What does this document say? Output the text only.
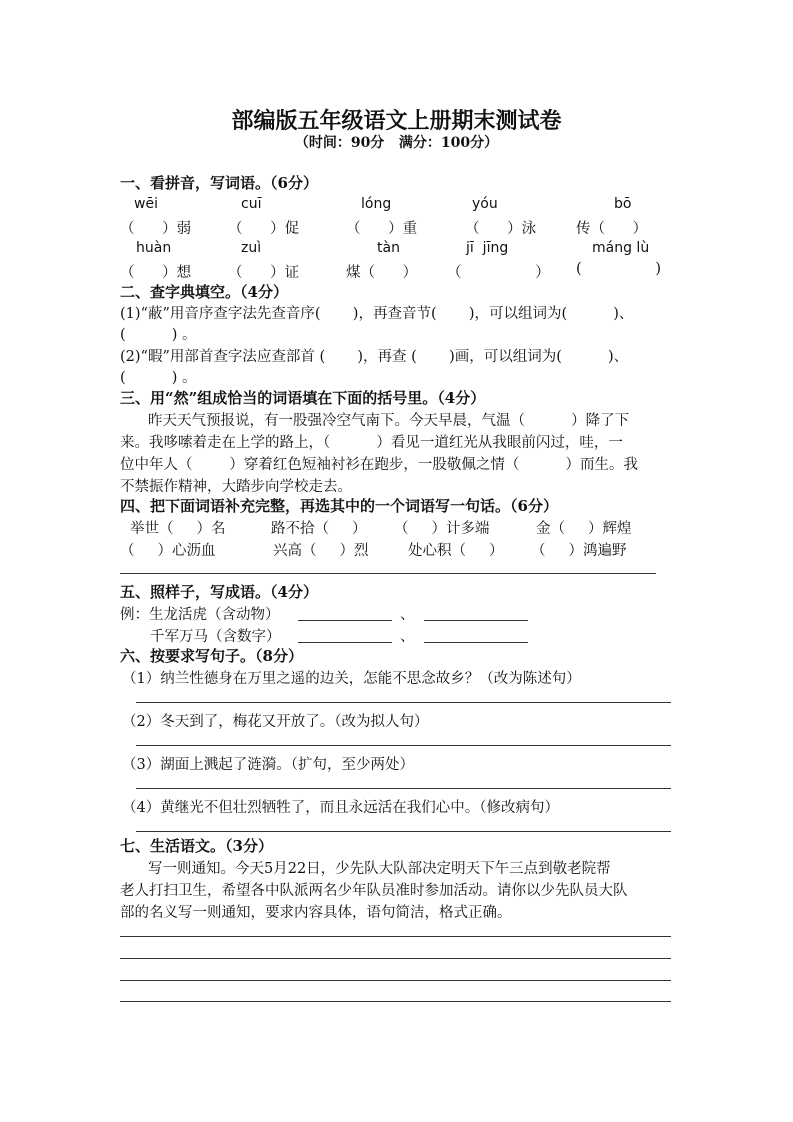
部编版五年级语文上册期末测试卷
（时间：90分   满分：100分）
一、看拼音，写词语。（6分）
wēi	cuī	lóng	yóu	bō
（      ）弱	（      ）促	（      ）重	（      ）泳	传（      ）
huàn	zuì	tàn	jī  jīng	máng lù
（      ）想	（      ）证	煤（      ） （                ） (                )
二、查字典填空。（4分）
(1)“蔽”用音序查字法先查音序(       )，再查音节(       )，可以组词为(          )、
(          ) 。
(2)“暇”用部首查字法应查部首 (       )，再查 (       )画，可以组词为(          )、
(          ) 。
三、用“然”组成恰当的词语填在下面的括号里。（4分）
昨天天气预报说，有一股强冷空气南下。今天早晨，气温（          ）降了下
来。我哆嗦着走在上学的路上，（          ）看见一道红光从我眼前闪过，哇，一
位中年人（        ）穿着红色短袖衬衫在跑步，一股敬佩之情（          ）而生。我
不禁振作精神，大踏步向学校走去。
四、把下面词语补充完整，再选其中的一个词语写一句话。（6分）
举世（     ）名	路不拾（     ） （     ）计多端	金（     ）辉煌
（     ）心沥血	兴高（     ）烈	处心积（     ） （     ）鸿遍野
五、照样子，写成语。（4分）
例：生龙活虎（含动物）	、
千军万马（含数字）	、
六、按要求写句子。（8分）
（1）纳兰性德身在万里之遥的边关，怎能不思念故乡？（改为陈述句）
（2）冬天到了，梅花又开放了。（改为拟人句）
（3）湖面上溅起了涟漪。（扩句，至少两处）
（4）黄继光不但壮烈牺牲了，而且永远活在我们心中。（修改病句）
七、生活语文。（3分）
写一则通知。今天5月22日，少先队大队部决定明天下午三点到敬老院帮
老人打扫卫生，希望各中队派两名少年队员准时参加活动。请你以少先队员大队
部的名义写一则通知，要求内容具体，语句简洁，格式正确。
